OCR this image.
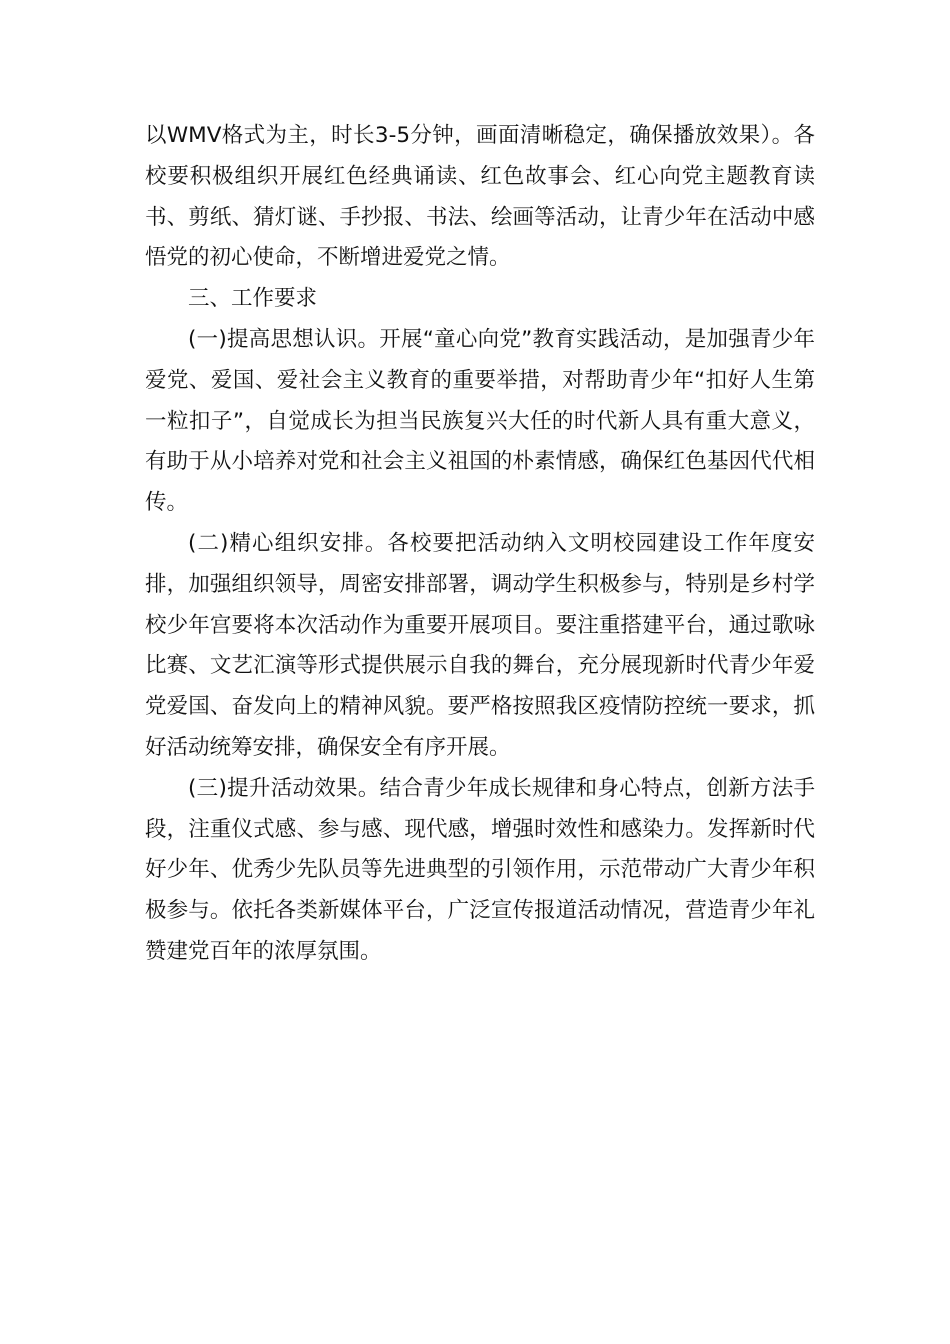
以WMV格式为主，时长3-5分钟，画面清晰稳定，确保播放效果）。各校要积极组织开展红色经典诵读、红色故事会、红心向党主题教育读书、剪纸、猜灯谜、手抄报、书法、绘画等活动，让青少年在活动中感悟党的初心使命，不断增进爱党之情。

三、工作要求

(一)提高思想认识。开展“童心向党”教育实践活动，是加强青少年爱党、爱国、爱社会主义教育的重要举措，对帮助青少年“扣好人生第一粒扣子”，自觉成长为担当民族复兴大任的时代新人具有重大意义，有助于从小培养对党和社会主义祖国的朴素情感，确保红色基因代代相传。

(二)精心组织安排。各校要把活动纳入文明校园建设工作年度安排，加强组织领导，周密安排部署，调动学生积极参与，特别是乡村学校少年宫要将本次活动作为重要开展项目。要注重搭建平台，通过歌咏比赛、文艺汇演等形式提供展示自我的舞台，充分展现新时代青少年爱党爱国、奋发向上的精神风貌。要严格按照我区疫情防控统一要求，抓好活动统筹安排，确保安全有序开展。

(三)提升活动效果。结合青少年成长规律和身心特点，创新方法手段，注重仪式感、参与感、现代感，增强时效性和感染力。发挥新时代好少年、优秀少先队员等先进典型的引领作用，示范带动广大青少年积极参与。依托各类新媒体平台，广泛宣传报道活动情况，营造青少年礼赞建党百年的浓厚氛围。
